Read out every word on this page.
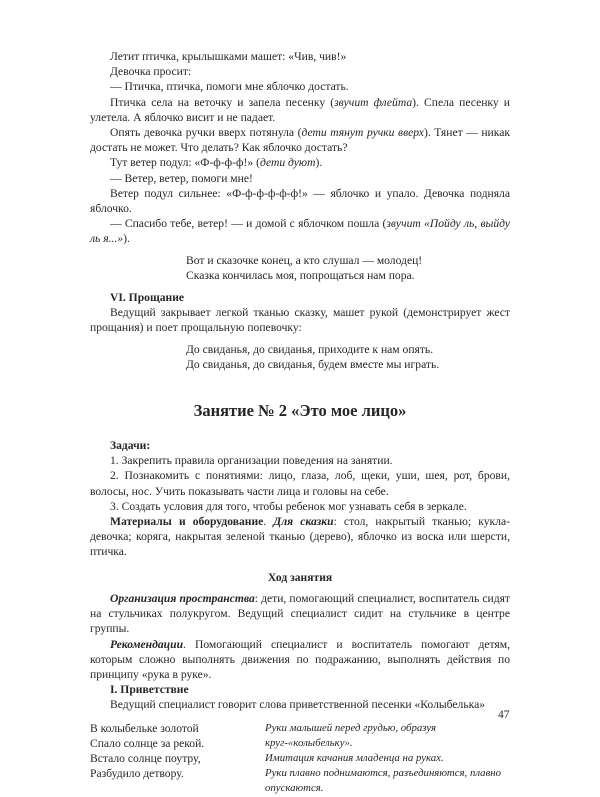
Летит птичка, крылышками машет: «Чив, чив!»

Девочка просит:

— Птичка, птичка, помоги мне яблочко достать.

Птичка села на веточку и запела песенку (звучит флейта). Спела песенку и улетела. А яблочко висит и не падает.

Опять девочка ручки вверх потянула (дети тянут ручки вверх). Тянет — никак достать не может. Что делать? Как яблочко достать?

Тут ветер подул: «Ф-ф-ф-ф!» (дети дуют).

— Ветер, ветер, помоги мне!

Ветер подул сильнее: «Ф-ф-ф-ф-ф-ф!» — яблочко и упало. Девочка подняла яблочко.

— Спасибо тебе, ветер! — и домой с яблочком пошла (звучит «Пойду ль, выйду ль я...»).

Вот и сказочке конец, а кто слушал — молодец!

Сказка кончилась моя, попрощаться нам пора.

VI. Прощание

Ведущий закрывает легкой тканью сказку, машет рукой (демонстрирует жест прощания) и поет прощальную попевочку:

До свиданья, до свиданья, приходите к нам опять.

До свиданья, до свиданья, будем вместе мы играть.

Занятие № 2 «Это мое лицо»

Задачи:

1. Закрепить правила организации поведения на занятии.

2. Познакомить с понятиями: лицо, глаза, лоб, щеки, уши, шея, рот, брови, волосы, нос. Учить показывать части лица и головы на себе.

3. Создать условия для того, чтобы ребенок мог узнавать себя в зеркале.

Материалы и оборудование. Для сказки: стол, накрытый тканью; кукла-девочка; коряга, накрытая зеленой тканью (дерево), яблочко из воска или шерсти, птичка.

Ход занятия

Организация пространства: дети, помогающий специалист, воспитатель сидят на стульчиках полукругом. Ведущий специалист сидит на стульчике в центре группы.

Рекомендации. Помогающий специалист и воспитатель помогают детям, которым сложно выполнять движения по подражанию, выполнять действия по принципу «рука в руке».

I. Приветствие

Ведущий специалист говорит слова приветственной песенки «Колыбелька»

В колыбельке золотой

Спало солнце за рекой.

Встало солнце поутру,

Разбудило детвору.

Руки малышей перед грудью, образуя круг-«колыбельку».

Имитация качания младенца на руках.

Руки плавно поднимаются, разъединяются, плавно опускаются.

47
